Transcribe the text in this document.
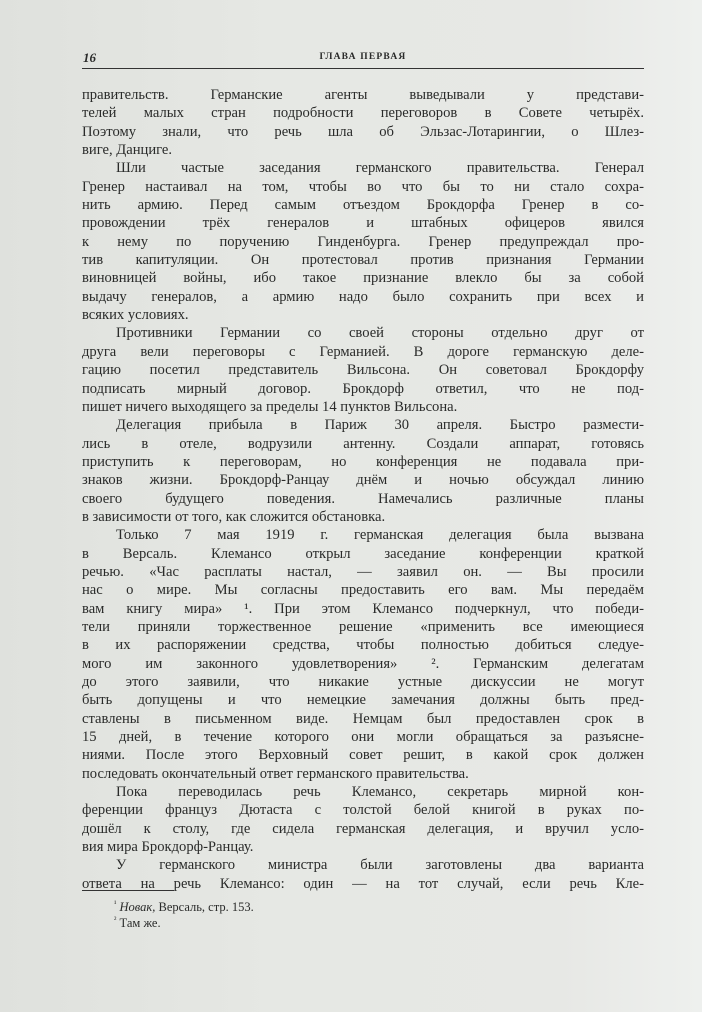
16	ГЛАВА ПЕРВАЯ
правительств. Германские агенты выведывали у представи-
телей малых стран подробности переговоров в Совете четырёх.
Поэтому знали, что речь шла об Эльзас-Лотарингии, о Шлез-
виге, Данциге.
Шли частые заседания германского правительства. Генерал
Гренер настаивал на том, чтобы во что бы то ни стало сохра-
нить армию. Перед самым отъездом Брокдорфа Гренер в со-
провождении трёх генералов и штабных офицеров явился
к нему по поручению Гинденбурга. Гренер предупреждал про-
тив капитуляции. Он протестовал против признания Германии
виновницей войны, ибо такое признание влекло бы за собой
выдачу генералов, а армию надо было сохранить при всех и
всяких условиях.
Противники Германии со своей стороны отдельно друг от
друга вели переговоры с Германией. В дороге германскую деле-
гацию посетил представитель Вильсона. Он советовал Брокдорфу
подписать мирный договор. Брокдорф ответил, что не под-
пишет ничего выходящего за пределы 14 пунктов Вильсона.
Делегация прибыла в Париж 30 апреля. Быстро размести-
лись в отеле, водрузили антенну. Создали аппарат, готовясь
приступить к переговорам, но конференция не подавала при-
знаков жизни. Брокдорф-Ранцау днём и ночью обсуждал линию
своего будущего поведения. Намечались различные планы
в зависимости от того, как сложится обстановка.
Только 7 мая 1919 г. германская делегация была вызвана
в Версаль. Клемансо открыл заседание конференции краткой
речью. «Час расплаты настал, — заявил он. — Вы просили
нас о мире. Мы согласны предоставить его вам. Мы передаём
вам книгу мира» ¹. При этом Клемансо подчеркнул, что победи-
тели приняли торжественное решение «применить все имеющиеся
в их распоряжении средства, чтобы полностью добиться следуе-
мого им законного удовлетворения» ². Германским делегатам
до этого заявили, что никакие устные дискуссии не могут
быть допущены и что немецкие замечания должны быть пред-
ставлены в письменном виде. Немцам был предоставлен срок в
15 дней, в течение которого они могли обращаться за разъясне-
ниями. После этого Верховный совет решит, в какой срок должен
последовать окончательный ответ германского правительства.
Пока переводилась речь Клемансо, секретарь мирной кон-
ференции француз Дютаста с толстой белой книгой в руках по-
дошёл к столу, где сидела германская делегация, и вручил усло-
вия мира Брокдорф-Ранцау.
У германского министра были заготовлены два варианта
ответа на речь Клемансо: один — на тот случай, если речь Кле-
$^{^1}$ Новак, Версаль, стр. 153.
$^{^2}$ Там же.
